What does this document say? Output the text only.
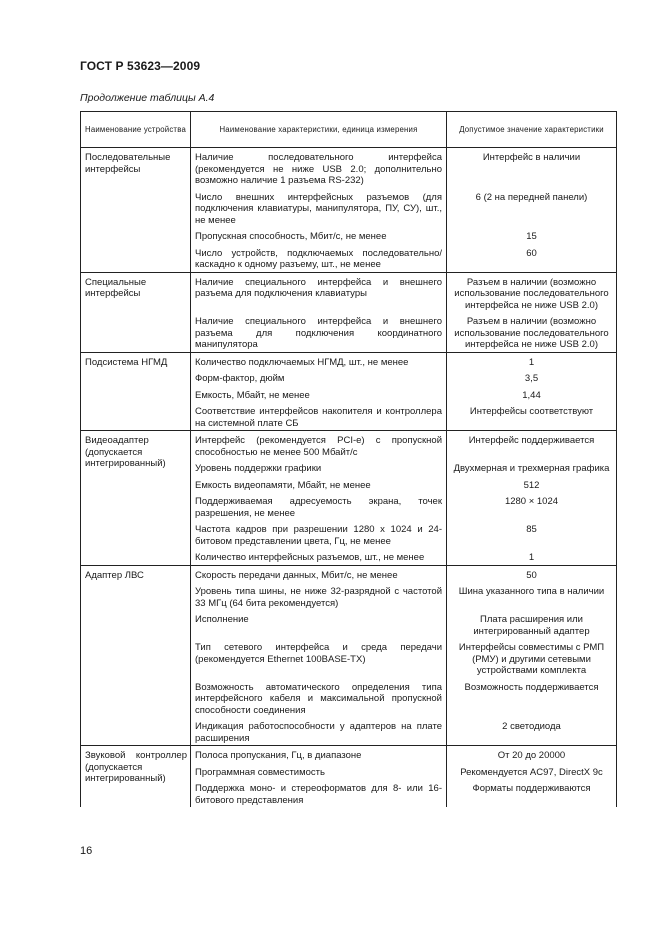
ГОСТ Р 53623—2009
Продолжение таблицы А.4
Наименование устройства	Наименование характеристики, единица измерения	Допустимое значение характеристики
Последовательные интерфейсы	Наличие последовательного интерфейса (рекомендуется не ниже USB 2.0; дополнительно возможно наличие 1 разъема RS-232)	Интерфейс в наличии
	Число внешних интерфейсных разъемов (для подключения клавиатуры, манипулятора, ПУ, СУ), шт., не менее	6 (2 на передней панели)
	Пропускная способность, Мбит/с, не менее	15
	Число устройств, подключаемых последовательно/каскадно к одному разъему, шт., не менее	60
Специальные интерфейсы	Наличие специального интерфейса и внешнего разъема для подключения клавиатуры	Разъем в наличии (возможно использование последовательного интерфейса не ниже USB 2.0)
	Наличие специального интерфейса и внешнего разъема для подключения координатного манипулятора	Разъем в наличии (возможно использование последовательного интерфейса не ниже USB 2.0)
Подсистема НГМД	Количество подключаемых НГМД, шт., не менее	1
	Форм-фактор, дюйм	3,5
	Емкость, Мбайт, не менее	1,44
	Соответствие интерфейсов накопителя и контроллера на системной плате СБ	Интерфейсы соответствуют
Видеоадаптер (допускается интегрированный)	Интерфейс (рекомендуется PCI-e) с пропускной способностью не менее 500 Мбайт/с	Интерфейс поддерживается
	Уровень поддержки графики	Двухмерная и трехмерная графика
	Емкость видеопамяти, Мбайт, не менее	512
	Поддерживаемая адресуемость экрана, точек разрешения, не менее	1280 × 1024
	Частота кадров при разрешении 1280 х 1024 и 24-битовом представлении цвета, Гц, не менее	85
	Количество интерфейсных разъемов, шт., не менее	1
Адаптер ЛВС	Скорость передачи данных, Мбит/с, не менее	50
	Уровень типа шины, не ниже 32-разрядной с частотой 33 МГц (64 бита рекомендуется)	Шина указанного типа в наличии
	Исполнение	Плата расширения или интегрированный адаптер
	Тип сетевого интерфейса и среда передачи (рекомендуется Ethernet 100BASE-TX)	Интерфейсы совместимы с РМП (РМУ) и другими сетевыми устройствами комплекта
	Возможность автоматического определения типа интерфейсного кабеля и максимальной пропускной способности соединения	Возможность поддерживается
	Индикация работоспособности у адаптеров на плате расширения	2 светодиода
Звуковой контроллер (допускается интегрированный)	Полоса пропускания, Гц, в диапазоне	От 20 до 20000
	Программная совместимость	Рекомендуется AC97, DirectX 9c
	Поддержка моно- и стереоформатов для 8- или 16-битового представления	Форматы поддерживаются
16
